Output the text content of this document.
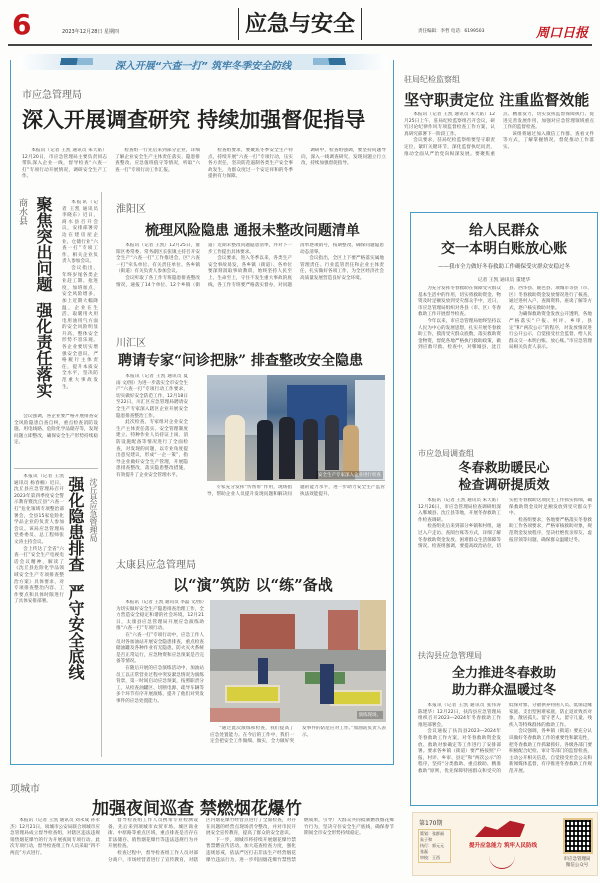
6	2023年12月28日 星期四	应急与安全	责任编辑：李哲 电话：6199503	周口日报
深入开展“六查一打” 筑牢冬季安全防线
市应急管理局
深入开展调查研究 持续加强督促指导

本报讯（记者 王凯 通讯员 朱天皓）12月20日，市应急管理局主要负责同志带队深入企业一线，督导检查“六查一打”专项行动开展情况，调研安全生产工作。

检查组一行先后来到部分企业，详细了解企业安全生产主体责任落实、隐患排查整改、应急值班值守等情况，听取“六查一打”专项行动工作汇报。

检查组要求，要聚焦冬季安全生产特点，持续开展“六查一打”专项行动，压实各方责任，坚决防范遏制各类生产安全事故发生，为群众度过一个安定祥和的冬季提供有力保障。

调研中，检查组强调，要坚持问题导向，深入一线调查研究，发现问题立行立改，持续加强督促指导。

商水县 聚焦突出问题强化责任落实

本报讯（记者 王凯 通讯员 李晓东）近日，商水县召开会议，安排部署旁边在建房屋企业、仓储行业“六查一打”专项工作，相关企业负责人参加会议。

会议指出，年终岁尾各类企业赶工期、抢进度，加班加点，安全风险增多，加上近期大幅降温，企业在生活、取暖用火用电用油用气方面的安全风险明显升高，整体安全形势不容乐观。各企业要切实增强安全意识，严格履行主体责任，提升本质安全水平，坚决防范重大事故发生。

会议强调，各企业要严格开展排查安全风险隐患自查自纠，重点检查消防设施、用电线路、危险化学品储存等，发现问题立即整改，确保安全生产形势持续稳定。

本报讯（记者 王凯 通讯员 杨春楠）近日，沈丘县应急管理局召开2023年第四季度安全警示教育暨沈丘县“六查一打”危化领域专项整治部署会，全县15家危险化学品企业的负责人参加会议。该局应急管理局党委委员、总工程师张文涛主持会议。

会上传达了全省“六查一打”安全生产电视电话会议精神，解读了《沈丘县危险化学品领域安全生产专项排查整治方案》具体要求，对专项排查整治内容、工作要点和具体时限进行了具体安排部署。

强化隐患排查严守安全底线
沈丘县应急管理局
淮阳区
梳理风险隐患 通报未整改问题清单

本报讯（记者 王凯）12月25日，淮阳区委常委、常务副区长张镇主持召开安全生产“六查一打”工作推进会，区“六查一打”牵头单位、有关责任单位、各乡镇（街道）有关负责人参加会议。

会议听取了各工作专班隐患排查整改情况，通报了14个单位、12个乡镇（街道）近期未整改问题隐患清单，并对下一步工作提出具体要求。

会议要求，进入冬季以来，各类生产安全事故易发，各乡镇（街道）、各单位要深刻汲取事故教训，始终坚持人民至上、生命至上，守住不发生重大事故的底线。各工作专班要严格落实督办，对问题清单逐项销号，按期整改，确保问题隐患动态清零。

会议指出，全区上下要严格落实属地管理责任、行业监管责任和企业主体责任，扎实做好各项工作，为全区经济社会高质量发展营造良好安全环境。

川汇区
聘请专家“问诊把脉” 排查整改安全隐患

本报讯（记者 王凯 通讯员 夏雨 文/图）为进一步落实全市安全生产“六查一打”专项行动工作要求，切实做好安全防范工作，12月18日至22日，川汇区应急管理局聘请安全生产专家深入辖区企业开展安全隐患排查整治工作。

此次检查，专家组对企业安全生产主体责任落实、安全管理制度建立、特种作业人员持证上岗、消防设施配备等情况进行了全面检查，对发现的问题，以专业角度提出意见建议，形成“一企一策”，指导企业做好安全生产管理，开展隐患排查整改，落实隐患整改措施，有效提升了企业安全管理水平。	安全生产专家深入企业进行检查

专家充分发挥“传帮带”作用，现场指导，帮助企业人员提升发现问题和解决问题的能力水平，进一步助力安全生产监管执法效能提升。

太康县应急管理局
以“演”筑防 以“练”备战

本报讯（记者 王凯 通讯员 李磊 文/图）为切实做好安全生产隐患排查治理工作，全力营造安全稳定和谐的社会环境，12月21日，太康县应急管理局开展应急演练助推“六查一打”专项行动。

在“六查一打”专项行动中，应急工作人员对各加油站开展安全隐患排查，重点检查储油罐及各种作业有无隐患，防火灭火系统是否正常运行，应急物资和应急预案是否完备等情况。

在随后开展的应急演练活动中，加油站员工以正常营业过程中突发紧急情况为演练背景，第一时间启动应急预案，按照职责分工，从检查油罐区、切断电源、疏导车辆等多个环节有序开展演练，提升了他们对突发事件的应急处置能力。

演练现场。

“通过此次演练和检查，我们提高了应急处置能力。在今后的工作中，我们一定会把安全工作做细、做实，全力做好突发事件的防范应对工作。”加油站负责人表示。

驻局纪检监察组
坚守职责定位 注重监督效能

本报讯（记者 王凯 通讯员 朱天皓）12月25日上午，驻局纪检监察组召开会议，研究讨论纪律作风专项监督检查工作方案，认真研究部署下一阶段工作。

会议要求，驻局纪检监察组要坚守职责定位，紧盯关键环节，深化监督执纪问责，推动全面从严治党向纵深发展。要聚焦重点、精准发力，切实发挥监督保障执行、促进完善发展作用，加强对应急管理领域重点工作的监督检查。

该组将通过加入微信工作群、查看文件等方式，了解掌握情况，督促推动工作落实。

给人民群众
交一本明白账放心账
——我市全力做好冬春救助工作确保受灾群众安稳过冬
记者 王凯 通讯员 董建华

为充分发挥冬春救助在保障受灾群众基本生活中的作用，切实将救助资金、物资及时足额发放到受灾群众手中，近日，市应急管理局组织对各县（市、区）冬春救助工作开展督导检查。

今年以来，市应急管理局始终坚持以人民为中心的发展思想，扎实开展冬春救助工作，摸清受灾群众底数，落实救助资金物资，督促各地严格执行救助政策，做到应救尽救。检查中，对郸城县、沈丘县、西华县、鹿邑县、项城市等县（市、区）冬春救助资金发放情况进行了核查，通过进村入户、查阅资料、座谈了解等方式，逐户核实救助对象。

为确保救助资金发放公开透明，各地严格落实“户报、村评、乡审、县定”和“两次公示”的程序，对发放情况进行公开公示，自觉接受社会监督，给人民群众交一本明白账、放心账。”市应急管理局相关负责人表示。

市应急局调查组
冬春救助暖民心
检查调研提质效

本报讯（记者 王凯 通讯员 朱天皓）12月26日，市应急管理局检查调研组深入郸城县、沈丘县等地，开展冬春救助工作检查调研。

检查组先后来到部分乡镇和村组，通过入户走访、查阅台账等方式，详细了解冬春救助资金发放、困难群众生活保障等情况。检查组强调，要提高政治站位，切实把冬春救助这项民生工作抓实抓细，确保救助资金及时足额发放到受灾群众手中。

检查组要求，各地要严格落实冬春救助工作各项要求，严格审核救助对象，规范资金发放程序，坚决杜绝优亲厚友、虚报冒领等问题，确保群众温暖过冬。

扶沟县应急管理局
全力推进冬春救助
助力群众温暖过冬

本报讯（记者 王凯 通讯员 张伟涛 陈建华）12月22日，扶沟县应急管理局组织召开2023—2024年冬春救助工作推进部署会。

会议通报了扶沟县2023—2024年冬春救助工作方案，对冬春救助资金发放、救助对象确定等工作进行了安排部署。要求各乡镇（街道）要严格按照“户报、村评、乡审、县定”和“两次公示”的程序，坚持“分类救助、重点救助、精准救助”原则，优先保障特困群众和受灾的低保对象、分散供养特困人员、低保边缘家庭、支出型困难家庭，防止返贫致贫对象、散居孤儿、留守老人、留守儿童、残疾人等特殊群体的救助工作。

会议强调，各乡镇（街道）要充分认识做好冬春救助工作的重要性和紧迫性，把冬春救助工作抓紧抓好。各级各部门要积极配合纪检、审计等部门的监督检查，主动公开相关信息，自觉接受社会公众和新闻媒体监督，有序推进冬春救助工作规范开展。

第170期
策划：张群福 朱子和
执行：郭元元 张磊
审校：王西
提升应急能力 筑牢人民防线
市应急管理局
微信公众号
项城市
加强夜间巡查 禁燃烟花爆竹

本报讯（记者 王凯 通讯员 刘永成 孙永杰）12月21日，项城市公安局联合项城市应急管理局成立督导检查组，对辖区违法违规销售烟花爆竹的行为开展夜间专项行动。此次专项行动，督导检查组工作人员采取“四不两直”方式进行。

督导检查组工作人员携带专业检测设备，先后来到项城市农贸市场、城区商业街、中原路等重点区域，重点排查是否存在非法储存、销售烟花爆竹等违法违规行为并开展检查。

检查过程中，督导检查组工作人员对部分商户、市场经营者进行了宣传教育，对辖区内烟花爆竹经营点进行了全面检查，对存在问题的经营点现场责令整改，并对市民开展安全宣传教育，提高了群众的安全意识。

下一步，项城市将持续开展烟花爆竹禁售禁燃宣传活动，加大巡查检查力度，强化违规惩戒，依法严厉打击非法生产经营烟花爆竹违法行为，进一步巩固烟花爆竹禁售禁燃成果，引导广大群众共同抵制燃放烟花爆竹行为，坚决守住安全生产底线，确保春节期间全市安全形势持续稳定。
